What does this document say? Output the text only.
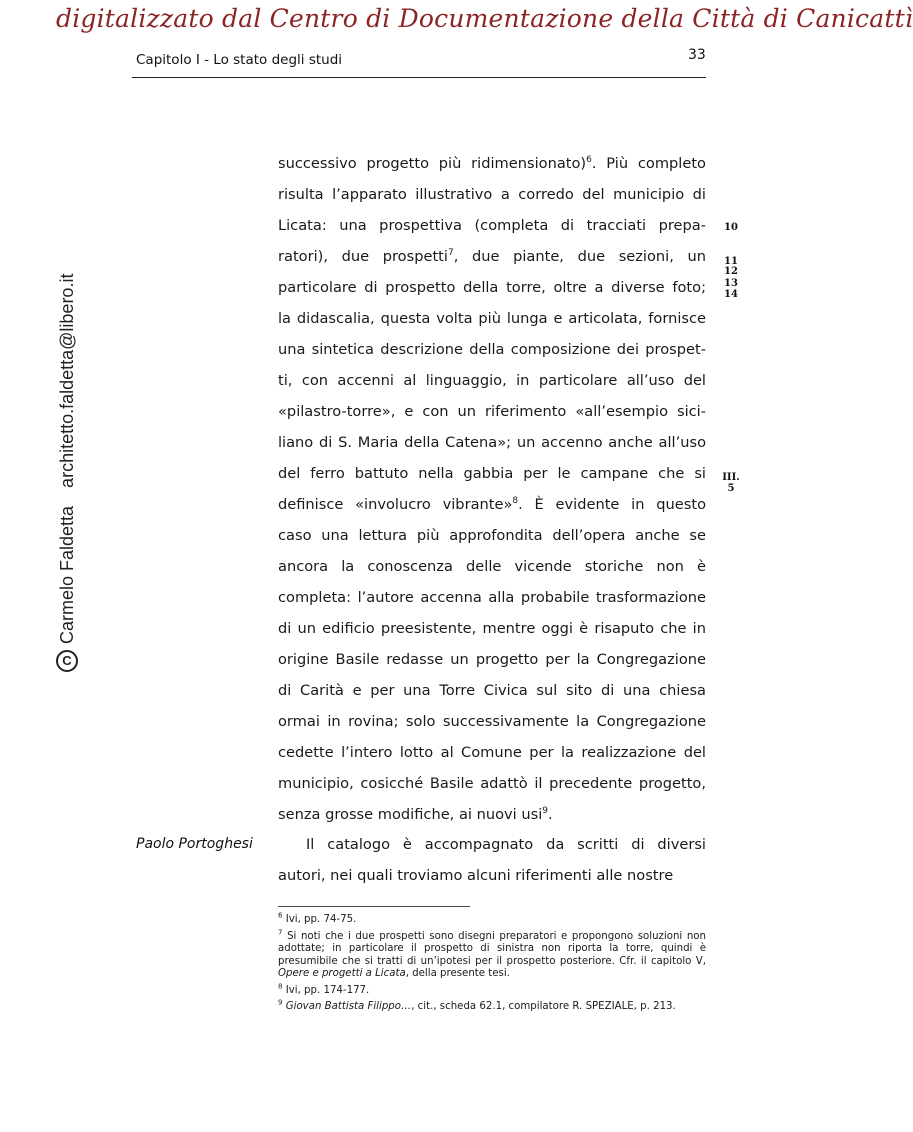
digitalizzato dal Centro di Documentazione della Città di Canicattì
Capitolo I - Lo stato degli studi	33
C
Carmelo Faldetta
architetto.faldetta@libero.it
successivo progetto più ridimensionato)$^6$. Più completo
risulta l’apparato illustrativo a corredo del municipio di
Licata: una prospettiva (completa di tracciati prepa-
ratori), due prospetti$^7$, due piante, due sezioni, un
particolare di prospetto della torre, oltre a diverse foto;
la didascalia, questa volta più lunga e articolata, fornisce
una sintetica descrizione della composizione dei prospet-
ti, con accenni al linguaggio, in particolare all’uso del
«pilastro-torre», e con un riferimento «all’esempio sici-
liano di S. Maria della Catena»; un accenno anche all’uso
del ferro battuto nella gabbia per le campane che si
definisce «involucro vibrante»$^8$. È evidente in questo
caso una lettura più approfondita dell’opera anche se
ancora la conoscenza delle vicende storiche non è
completa: l’autore accenna alla probabile trasformazione
di un edificio preesistente, mentre oggi è risaputo che in
origine Basile redasse un progetto per la Congregazione
di Carità e per una Torre Civica sul sito di una chiesa
ormai in rovina; solo successivamente la Congregazione
cedette l’intero lotto al Comune per la realizzazione del
municipio, cosicché Basile adattò il precedente progetto,
senza grosse modifiche, ai nuovi usi$^9$.
Paolo Portoghesi	Il catalogo è accompagnato da scritti di diversi
autori, nei quali troviamo alcuni riferimenti alle nostre
10
11
12
13
14
III.
5
$^6$ Ivi, pp. 74-75.
$^7$ Si noti che i due prospetti sono disegni preparatori e propongono soluzioni non adottate; in particolare il prospetto di sinistra non riporta la torre, quindi è presumibile che si tratti di un’ipotesi per il prospetto posteriore. Cfr. il capitolo V, Opere e progetti a Licata, della presente tesi.
$^8$ Ivi, pp. 174-177.
$^9$ Giovan Battista Filippo…, cit., scheda 62.1, compilatore R. SPEZIALE, p. 213.
